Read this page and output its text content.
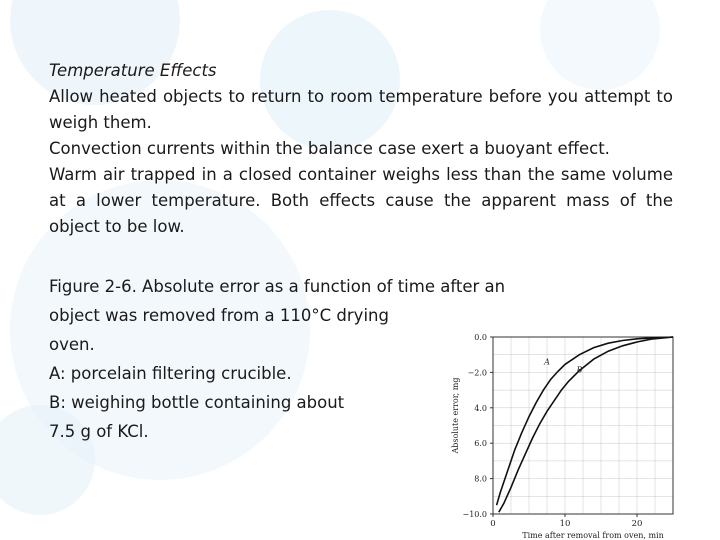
Temperature Effects

Allow heated objects to return to room temperature before you attempt to weigh them.

Convection currents within the balance case exert a buoyant effect.

Warm air trapped in a closed container weighs less than the same volume at a lower temperature. Both effects cause the apparent mass of the object to be low.

Figure 2-6. Absolute error as a function of time after an
object was removed from a 110°C drying
oven.
A: porcelain filtering crucible.
B: weighing bottle containing about
7.5 g of KCl.
0.0
−2.0
4.0
6.0
8.0
−10.0
0	10	20
Time after removal from oven, min
Absolute error, mg
A
B
